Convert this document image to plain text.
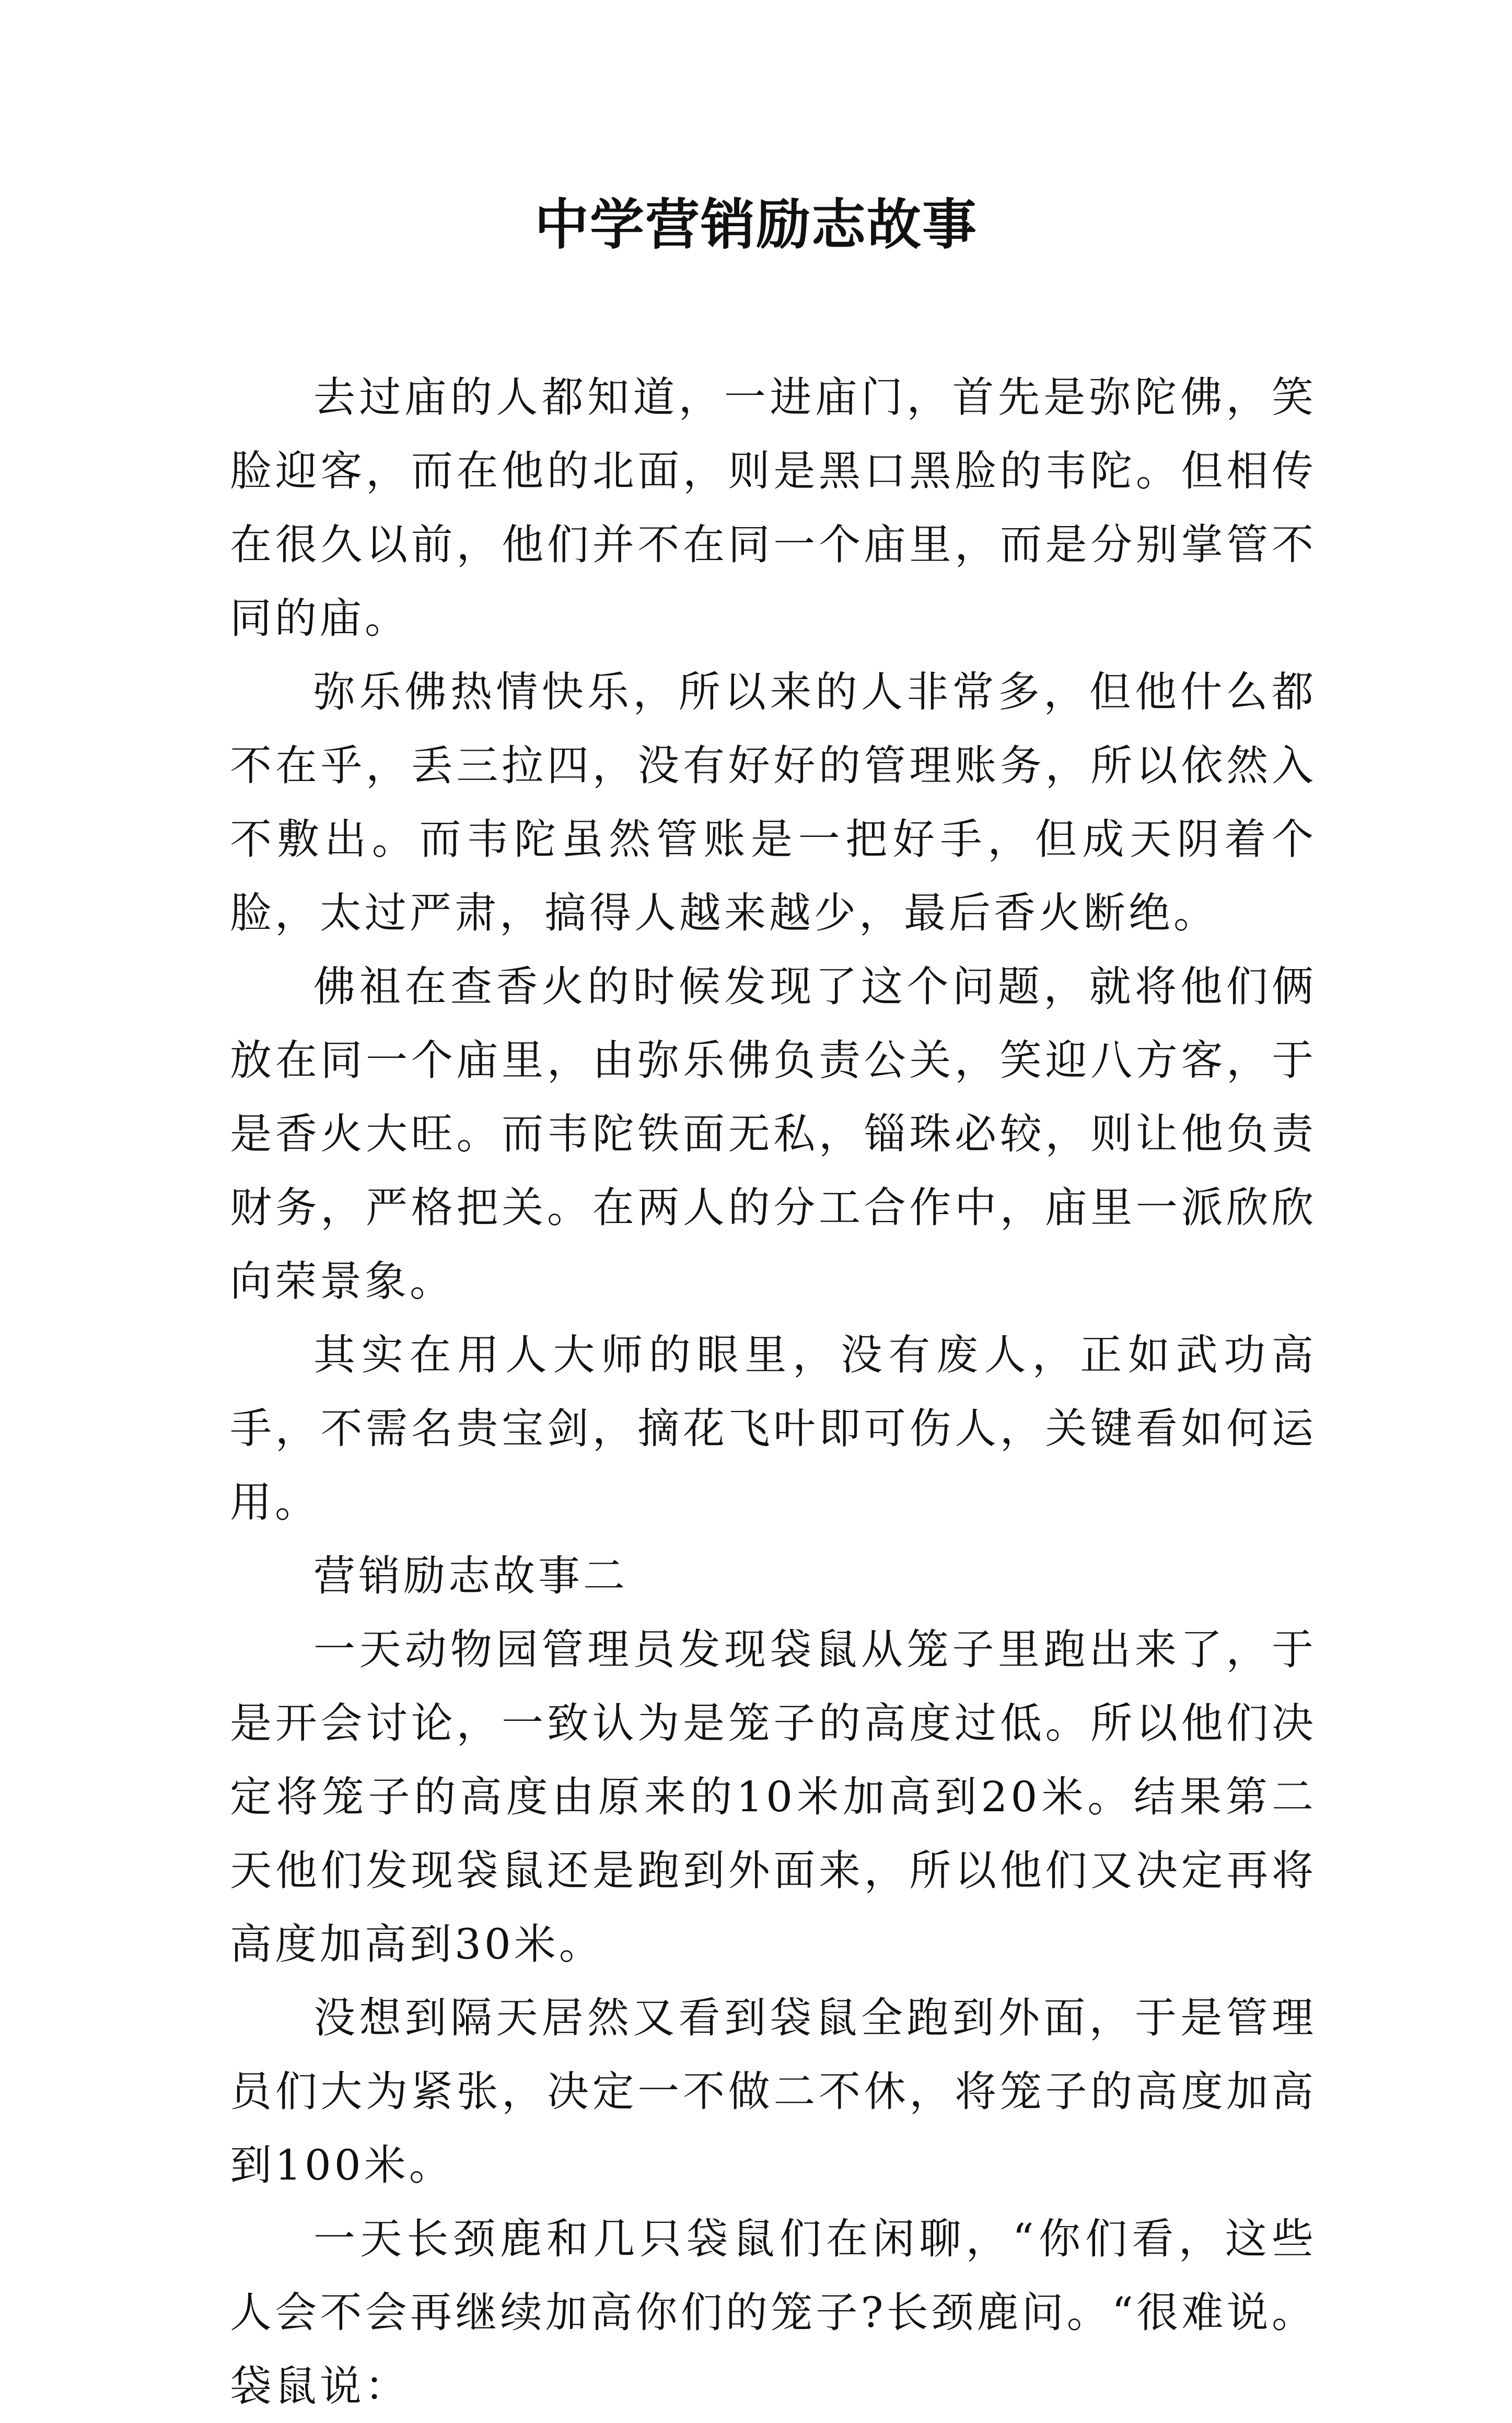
中学营销励志故事

去过庙的人都知道，一进庙门，首先是弥陀佛，笑脸迎客，而在他的北面，则是黑口黑脸的韦陀。但相传在很久以前，他们并不在同一个庙里，而是分别掌管不同的庙。

弥乐佛热情快乐，所以来的人非常多，但他什么都不在乎，丢三拉四，没有好好的管理账务，所以依然入不敷出。而韦陀虽然管账是一把好手，但成天阴着个脸，太过严肃，搞得人越来越少，最后香火断绝。

佛祖在查香火的时候发现了这个问题，就将他们俩放在同一个庙里，由弥乐佛负责公关，笑迎八方客，于是香火大旺。而韦陀铁面无私，锱珠必较，则让他负责财务，严格把关。在两人的分工合作中，庙里一派欣欣向荣景象。

其实在用人大师的眼里，没有废人，正如武功高手，不需名贵宝剑，摘花飞叶即可伤人，关键看如何运用。

营销励志故事二

一天动物园管理员发现袋鼠从笼子里跑出来了，于是开会讨论，一致认为是笼子的高度过低。所以他们决定将笼子的高度由原来的10米加高到20米。结果第二天他们发现袋鼠还是跑到外面来，所以他们又决定再将高度加高到30米。

没想到隔天居然又看到袋鼠全跑到外面，于是管理员们大为紧张，决定一不做二不休，将笼子的高度加高到100米。

一天长颈鹿和几只袋鼠们在闲聊，“你们看，这些人会不会再继续加高你们的笼子?长颈鹿问。“很难说。袋鼠说：
